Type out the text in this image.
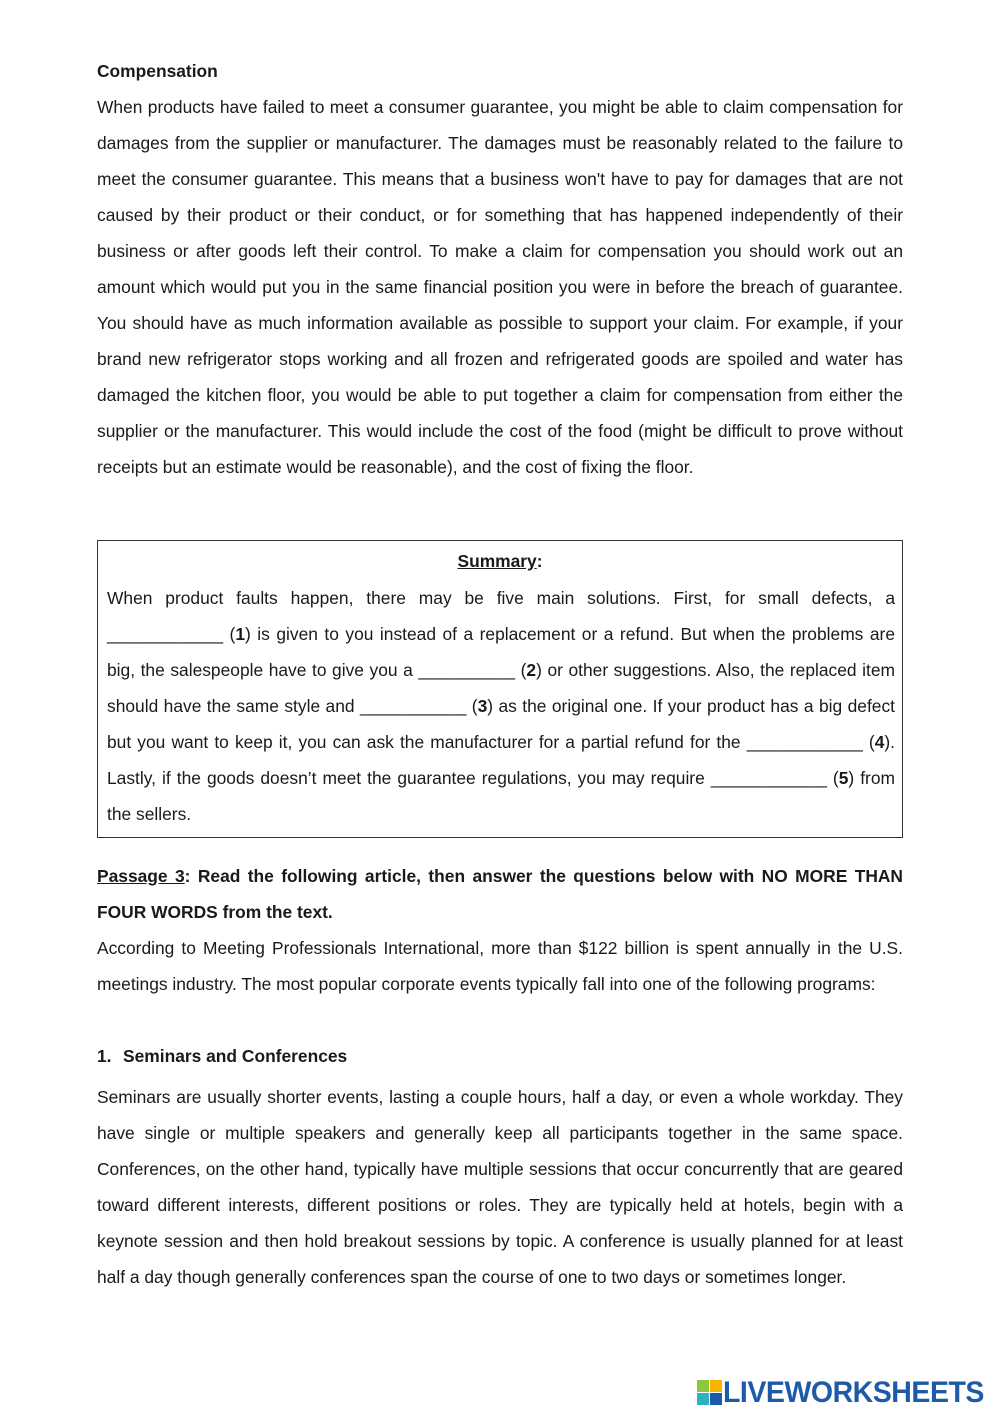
Compensation

When products have failed to meet a consumer guarantee, you might be able to claim compensation for damages from the supplier or manufacturer. The damages must be reasonably related to the failure to meet the consumer guarantee. This means that a business won't have to pay for damages that are not caused by their product or their conduct, or for something that has happened independently of their business or after goods left their control. To make a claim for compensation you should work out an amount which would put you in the same financial position you were in before the breach of guarantee. You should have as much information available as possible to support your claim. For example, if your brand new refrigerator stops working and all frozen and refrigerated goods are spoiled and water has damaged the kitchen floor, you would be able to put together a claim for compensation from either the supplier or the manufacturer. This would include the cost of the food (might be difficult to prove without receipts but an estimate would be reasonable), and the cost of fixing the floor.

Summary:

When product faults happen, there may be five main solutions. First, for small defects, a ____________ (1) is given to you instead of a replacement or a refund. But when the problems are big, the salespeople have to give you a __________ (2) or other suggestions. Also, the replaced item should have the same style and ___________ (3) as the original one. If your product has a big defect but you want to keep it, you can ask the manufacturer for a partial refund for the ____________ (4). Lastly, if the goods doesn’t meet the guarantee regulations, you may require ____________ (5) from the sellers.

Passage 3: Read the following article, then answer the questions below with NO MORE THAN FOUR WORDS from the text.

According to Meeting Professionals International, more than $122 billion is spent annually in the U.S. meetings industry. The most popular corporate events typically fall into one of the following programs:

1. Seminars and Conferences

Seminars are usually shorter events, lasting a couple hours, half a day, or even a whole workday. They have single or multiple speakers and generally keep all participants together in the same space. Conferences, on the other hand, typically have multiple sessions that occur concurrently that are geared toward different interests, different positions or roles. They are typically held at hotels, begin with a keynote session and then hold breakout sessions by topic. A conference is usually planned for at least half a day though generally conferences span the course of one to two days or sometimes longer.

LIVEWORKSHEETS
